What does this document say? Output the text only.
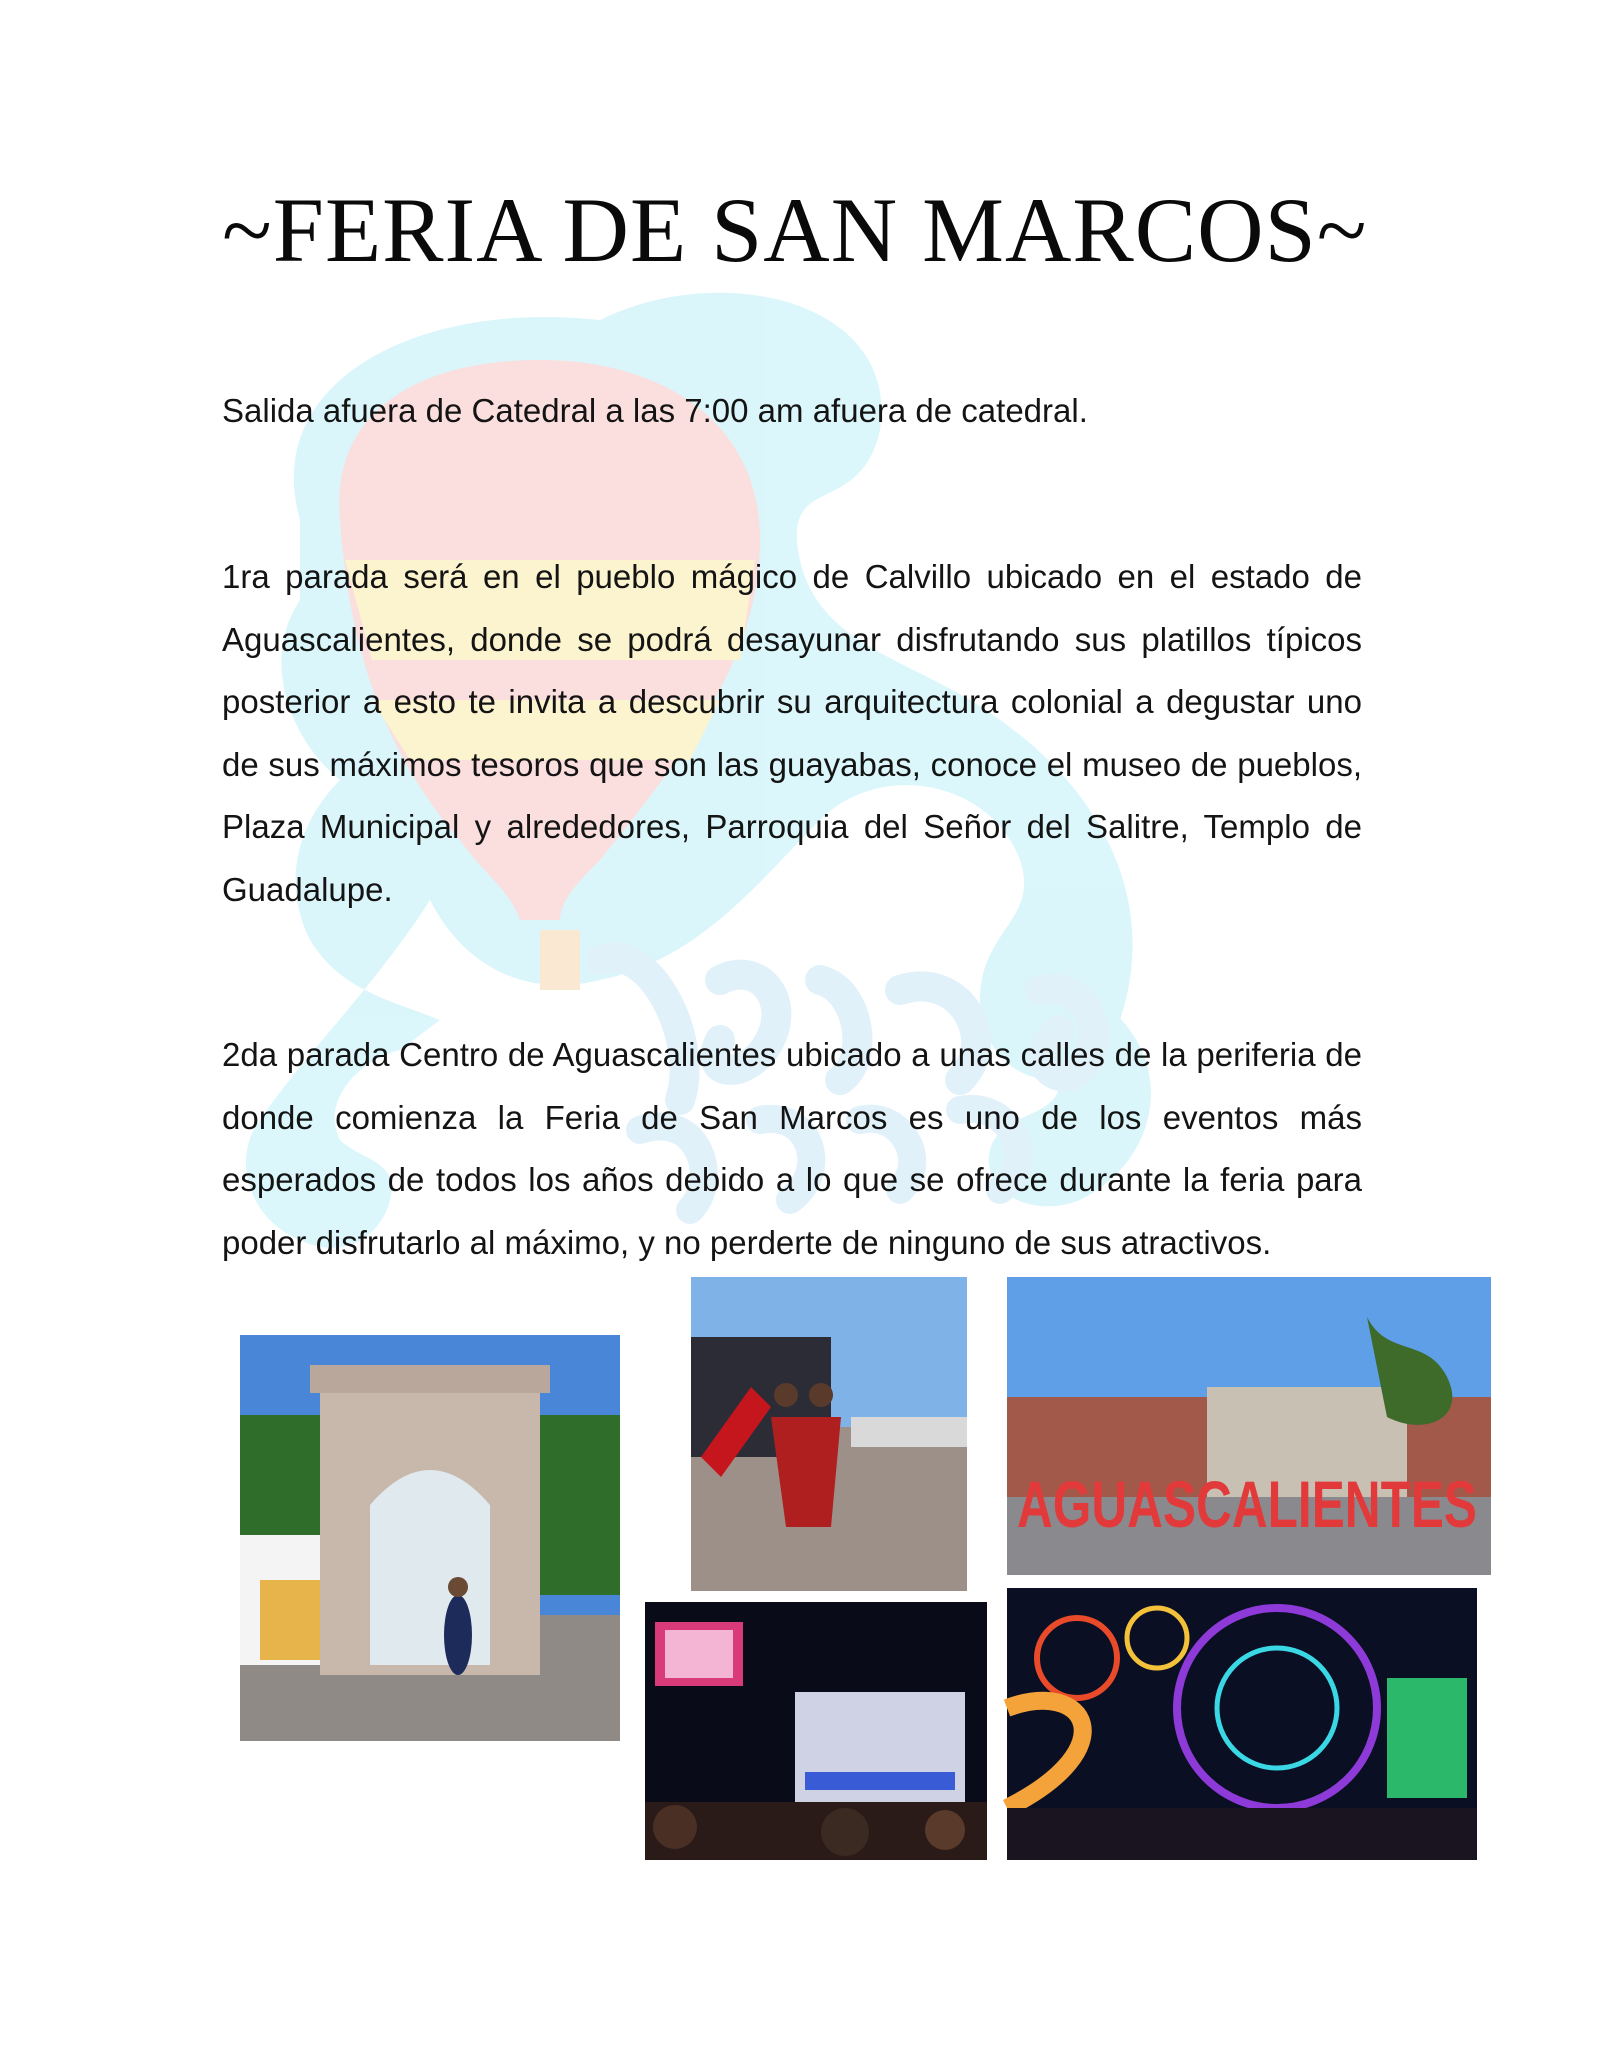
~FERIA DE SAN MARCOS~
Salida afuera de Catedral a las 7:00 am afuera de catedral.
1ra parada será en el pueblo mágico de Calvillo ubicado en el estado de Aguascalientes, donde se podrá desayunar disfrutando sus platillos típicos posterior a esto te invita a descubrir su arquitectura colonial a degustar uno de sus máximos tesoros que son las guayabas, conoce el museo de pueblos, Plaza Municipal y alrededores, Parroquia del Señor del Salitre, Templo de Guadalupe.
2da parada Centro de Aguascalientes ubicado a unas calles de la periferia de donde comienza la Feria de San Marcos es uno de los eventos más esperados de todos los años debido a lo que se ofrece durante la feria para poder disfrutarlo al máximo, y no perderte de ninguno de sus atractivos.
AGUASCALIENTES
